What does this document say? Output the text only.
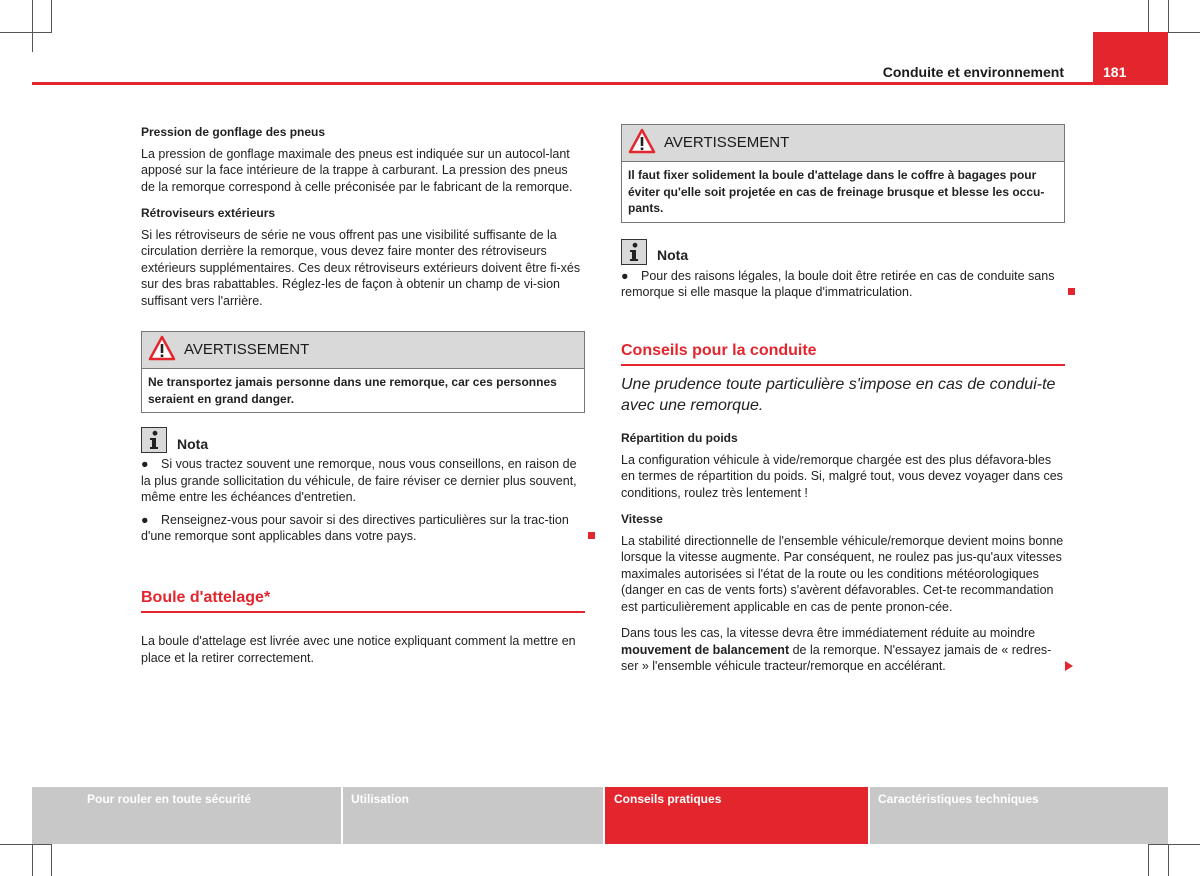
Conduite et environnement	181

Pression de gonflage des pneus

La pression de gonflage maximale des pneus est indiquée sur un autocol-lant apposé sur la face intérieure de la trappe à carburant. La pression des pneus de la remorque correspond à celle préconisée par le fabricant de la remorque.

Rétroviseurs extérieurs

Si les rétroviseurs de série ne vous offrent pas une visibilité suffisante de la circulation derrière la remorque, vous devez faire monter des rétroviseurs extérieurs supplémentaires. Ces deux rétroviseurs extérieurs doivent être fi-xés sur des bras rabattables. Réglez-les de façon à obtenir un champ de vi-sion suffisant vers l'arrière.

AVERTISSEMENT
Ne transportez jamais personne dans une remorque, car ces personnes seraient en grand danger.
Nota

● Si vous tractez souvent une remorque, nous vous conseillons, en raison de la plus grande sollicitation du véhicule, de faire réviser ce dernier plus souvent, même entre les échéances d'entretien.

● Renseignez-vous pour savoir si des directives particulières sur la trac-tion d'une remorque sont applicables dans votre pays.

Boule d'attelage*

La boule d'attelage est livrée avec une notice expliquant comment la mettre en place et la retirer correctement.

AVERTISSEMENT
Il faut fixer solidement la boule d'attelage dans le coffre à bagages pour éviter qu'elle soit projetée en cas de freinage brusque et blesse les occu-pants.
Nota

● Pour des raisons légales, la boule doit être retirée en cas de conduite sans remorque si elle masque la plaque d'immatriculation.

Conseils pour la conduite

Une prudence toute particulière s'impose en cas de condui-te avec une remorque.

Répartition du poids

La configuration véhicule à vide/remorque chargée est des plus défavora-bles en termes de répartition du poids. Si, malgré tout, vous devez voyager dans ces conditions, roulez très lentement !

Vitesse

La stabilité directionnelle de l'ensemble véhicule/remorque devient moins bonne lorsque la vitesse augmente. Par conséquent, ne roulez pas jus-qu'aux vitesses maximales autorisées si l'état de la route ou les conditions météorologiques (danger en cas de vents forts) s'avèrent défavorables. Cet-te recommandation est particulièrement applicable en cas de pente pronon-cée.

Dans tous les cas, la vitesse devra être immédiatement réduite au moindre mouvement de balancement de la remorque. N'essayez jamais de « redres-ser » l'ensemble véhicule tracteur/remorque en accélérant.

Pour rouler en toute sécurité	Utilisation	Conseils pratiques	Caractéristiques techniques
